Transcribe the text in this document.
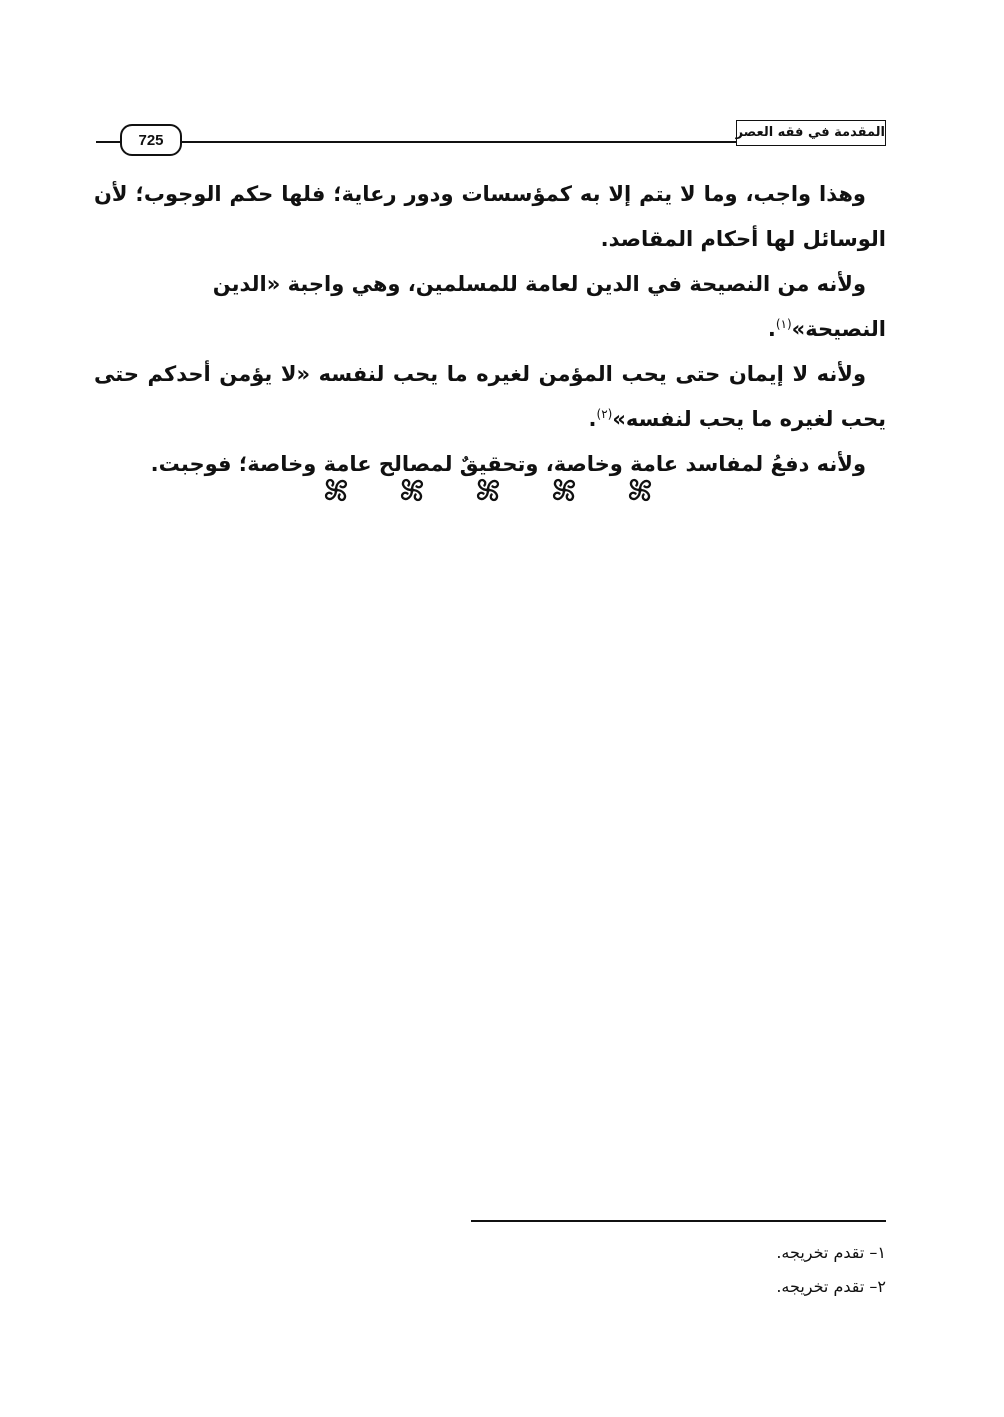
725	المقدمة في فقه العصر

وهذا واجب، وما لا يتم إلا به كمؤسسات ودور رعاية؛ فلها حكم الوجوب؛ لأن الوسائل لها أحكام المقاصد.

ولأنه من النصيحة في الدين لعامة للمسلمين، وهي واجبة «الدين النصيحة»$^{(١)}$.

ولأنه لا إيمان حتى يحب المؤمن لغيره ما يحب لنفسه «لا يؤمن أحدكم حتى يحب لغيره ما يحب لنفسه»$^{(٢)}$.

ولأنه دفعُ لمفاسد عامة وخاصة، وتحقيقٌ لمصالح عامة وخاصة؛ فوجبت.

١– تقدم تخريجه.
٢– تقدم تخريجه.
